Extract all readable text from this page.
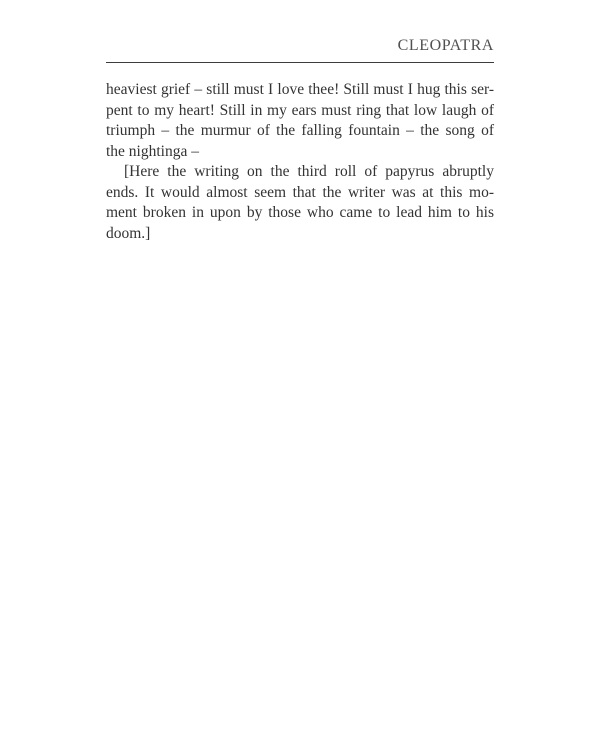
CLEOPATRA
heaviest grief – still must I love thee! Still must I hug this ser-
pent to my heart! Still in my ears must ring that low laugh of
triumph – the murmur of the falling fountain – the song of
the nightinga –
[Here the writing on the third roll of papyrus abruptly
ends. It would almost seem that the writer was at this mo-
ment broken in upon by those who came to lead him to his
doom.]
